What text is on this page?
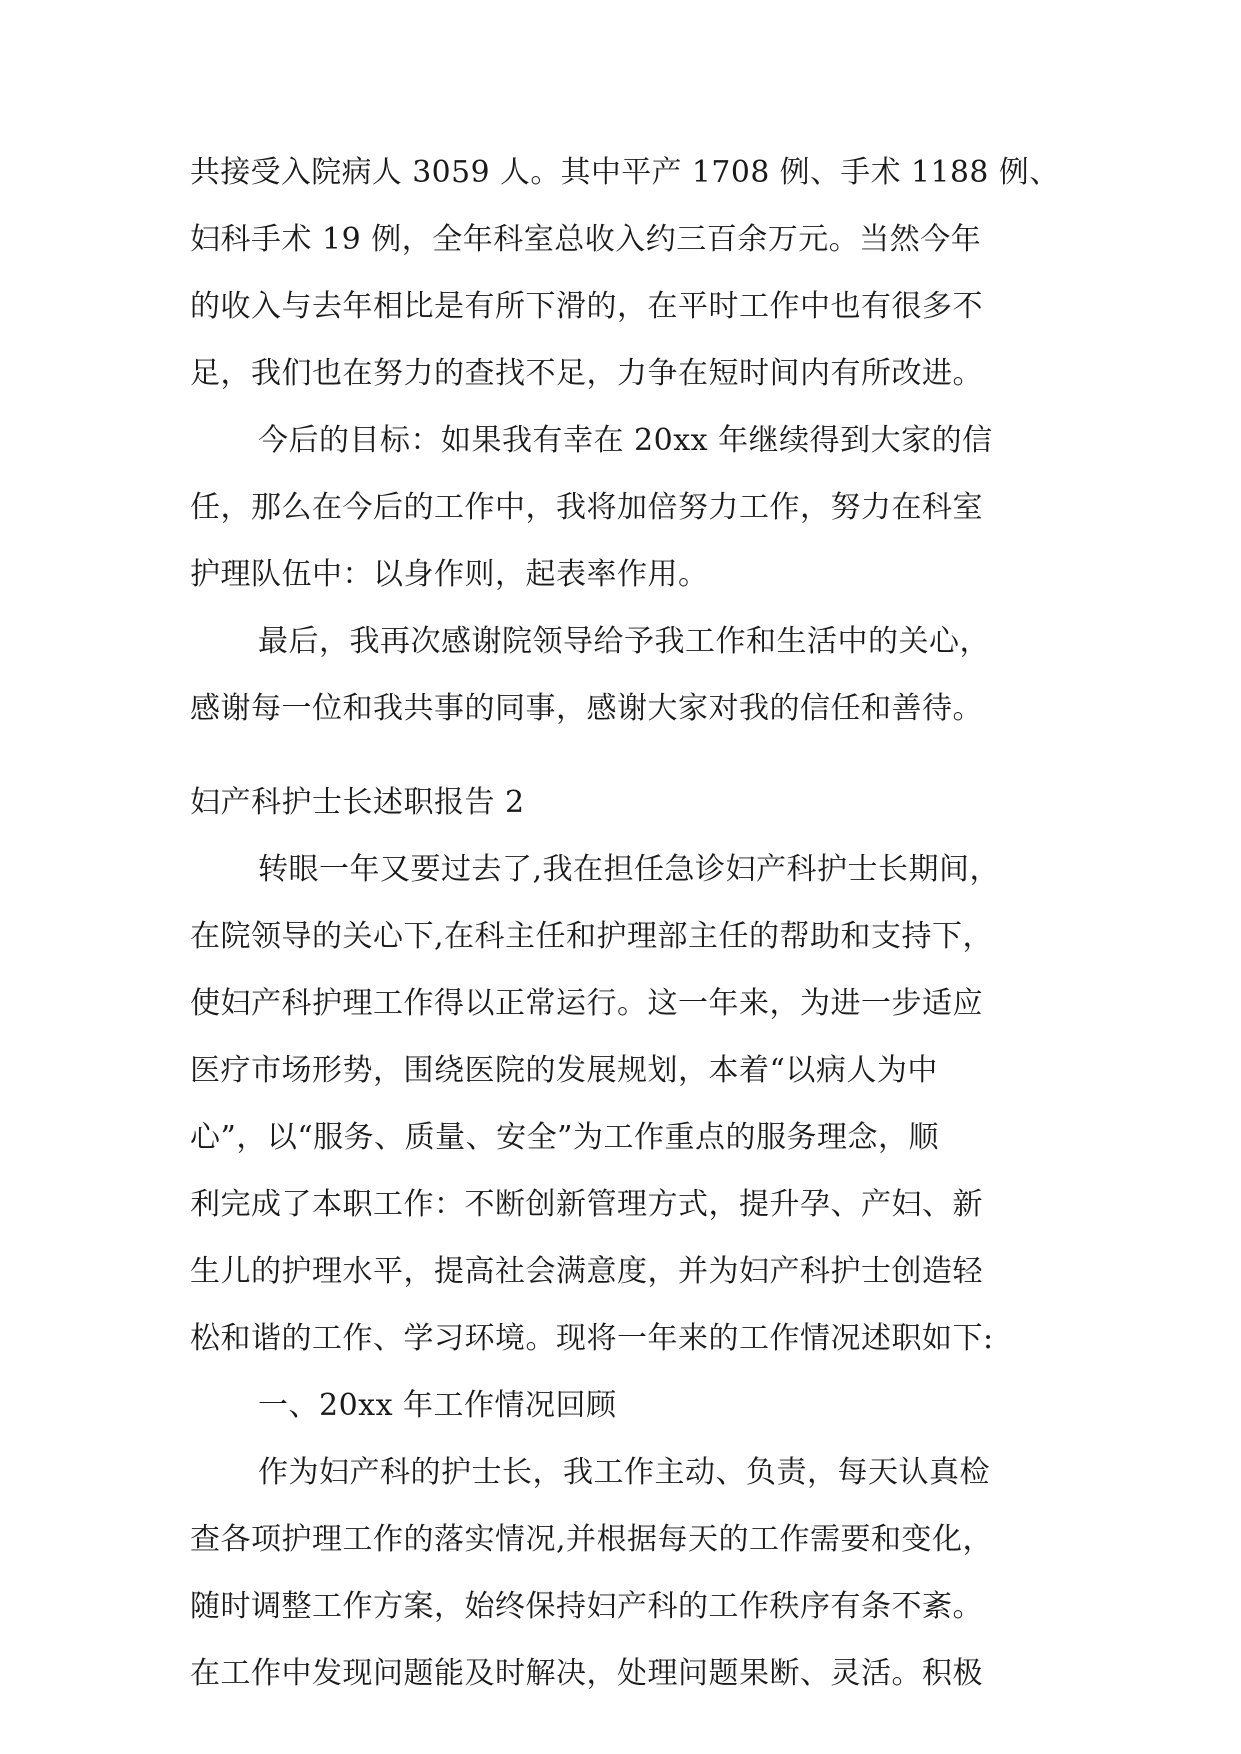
共接受入院病人 3059 人。其中平产 1708 例、手术 1188 例、
妇科手术 19 例，全年科室总收入约三百余万元。当然今年
的收入与去年相比是有所下滑的，在平时工作中也有很多不
足，我们也在努力的查找不足，力争在短时间内有所改进。
今后的目标：如果我有幸在 20xx 年继续得到大家的信
任，那么在今后的工作中，我将加倍努力工作，努力在科室
护理队伍中：以身作则，起表率作用。
最后，我再次感谢院领导给予我工作和生活中的关心，
感谢每一位和我共事的同事，感谢大家对我的信任和善待。
妇产科护士长述职报告 2
转眼一年又要过去了,我在担任急诊妇产科护士长期间，
在院领导的关心下,在科主任和护理部主任的帮助和支持下，
使妇产科护理工作得以正常运行。这一年来，为进一步适应
医疗市场形势，围绕医院的发展规划，本着“以病人为中
心”，以“服务、质量、安全”为工作重点的服务理念，顺
利完成了本职工作：不断创新管理方式，提升孕、产妇、新
生儿的护理水平，提高社会满意度，并为妇产科护士创造轻
松和谐的工作、学习环境。现将一年来的工作情况述职如下:
一、20xx 年工作情况回顾
作为妇产科的护士长，我工作主动、负责，每天认真检
查各项护理工作的落实情况,并根据每天的工作需要和变化，
随时调整工作方案，始终保持妇产科的工作秩序有条不紊。
在工作中发现问题能及时解决，处理问题果断、灵活。积极
